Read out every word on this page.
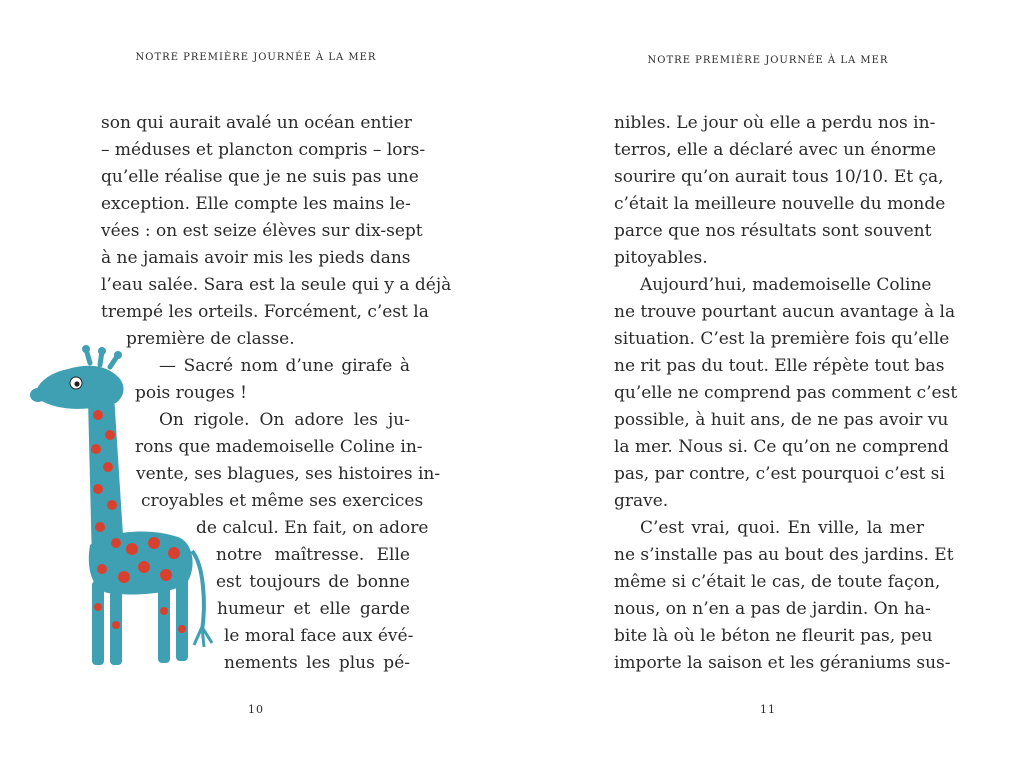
NOTRE PREMIÈRE JOURNÉE À LA MER
son qui aurait avalé un océan entier
– méduses et plancton compris – lors-
qu’elle réalise que je ne suis pas une
exception. Elle compte les mains le-
vées : on est seize élèves sur dix-sept
à ne jamais avoir mis les pieds dans
l’eau salée. Sara est la seule qui y a déjà
trempé les orteils. Forcément, c’est la
première de classe.
— Sacré nom d’une girafe à
pois rouges !
On rigole. On adore les ju-
rons que mademoiselle Coline in-
vente, ses blagues, ses histoires in-
croyables et même ses exercices
de calcul. En fait, on adore
notre maîtresse. Elle
est toujours de bonne
humeur et elle garde
le moral face aux évé-
nements les plus pé-
10
NOTRE PREMIÈRE JOURNÉE À LA MER
nibles. Le jour où elle a perdu nos in-
terros, elle a déclaré avec un énorme
sourire qu’on aurait tous 10/10. Et ça,
c’était la meilleure nouvelle du monde
parce que nos résultats sont souvent
pitoyables.
Aujourd’hui, mademoiselle Coline
ne trouve pourtant aucun avantage à la
situation. C’est la première fois qu’elle
ne rit pas du tout. Elle répète tout bas
qu’elle ne comprend pas comment c’est
possible, à huit ans, de ne pas avoir vu
la mer. Nous si. Ce qu’on ne comprend
pas, par contre, c’est pourquoi c’est si
grave.
C’est vrai, quoi. En ville, la mer
ne s’installe pas au bout des jardins. Et
même si c’était le cas, de toute façon,
nous, on n’en a pas de jardin. On ha-
bite là où le béton ne fleurit pas, peu
importe la saison et les géraniums sus-
11
